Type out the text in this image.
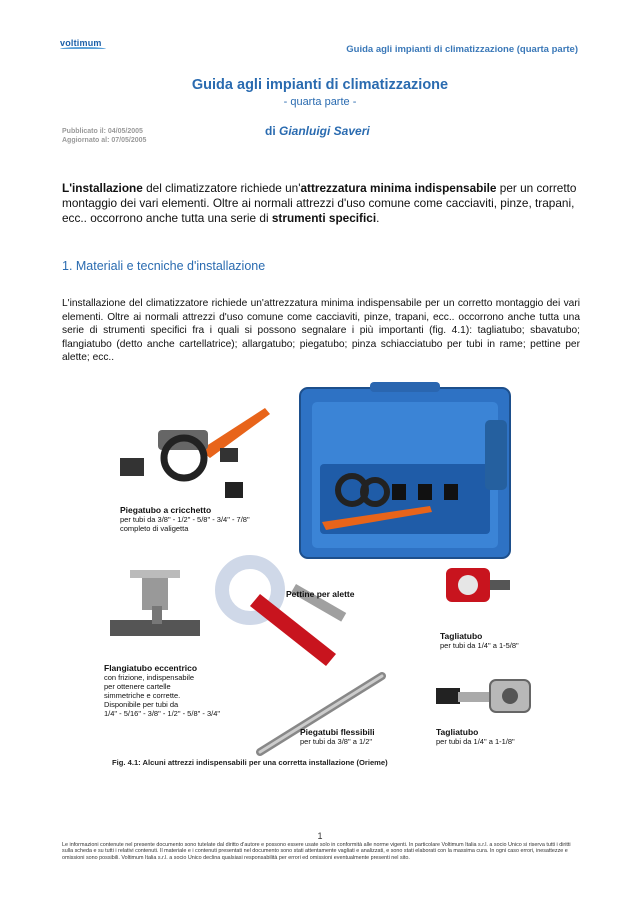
voltimum
Guida agli impianti di climatizzazione (quarta parte)
Guida agli impianti di climatizzazione
- quarta parte -
Pubblicato il: 04/05/2005
Aggiornato al: 07/05/2005
di Gianluigi Saveri

L'installazione del climatizzatore richiede un'attrezzatura minima indispensabile per un corretto montaggio dei vari elementi. Oltre ai normali attrezzi d'uso comune come cacciaviti, pinze, trapani, ecc.. occorrono anche tutta una serie di strumenti specifici.

1. Materiali e tecniche d'installazione

L'installazione del climatizzatore richiede un'attrezzatura minima indispensabile per un corretto montaggio dei vari elementi. Oltre ai normali attrezzi d'uso comune come cacciaviti, pinze, trapani, ecc.. occorrono anche tutta una serie di strumenti specifici fra i quali si possono segnalare i più importanti (fig. 4.1): tagliatubo; sbavatubo; flangiatubo (detto anche cartellatrice); allargatubo; piegatubo; pinza schiacciatubo per tubi in rame; pettine per alette; ecc..

Piegatubo a cricchetto
per tubi da 3/8" - 1/2" - 5/8" - 3/4" - 7/8"
completo di valigetta
Pettine per alette
Tagliatubo
per tubi da 1/4" a 1-5/8"
Flangiatubo eccentrico
con frizione, indispensabile
per ottenere cartelle
simmetriche e corrette.
Disponibile per tubi da
1/4" - 5/16" - 3/8" - 1/2" - 5/8" - 3/4"
Piegatubi flessibili
per tubi da 3/8" a 1/2"
Tagliatubo
per tubi da 1/4" a 1-1/8"
Fig. 4.1: Alcuni attrezzi indispensabili per una corretta installazione (Orieme)
1
Le informazioni contenute nel presente documento sono tutelate dal diritto d'autore e possono essere usate solo in conformità alle norme vigenti. In particolare Voltimum Italia s.r.l. a socio Unico si riserva tutti i diritti sulla scheda e su tutti i relativi contenuti. Il materiale e i contenuti presentati nel documento sono stati attentamente vagliati e analizzati, e sono stati elaborati con la massima cura. In ogni caso errori, inesattezze e omissioni sono possibili. Voltimum Italia s.r.l. a socio Unico declina qualsiasi responsabilità per errori ed omissioni eventualmente presenti nel sito.
